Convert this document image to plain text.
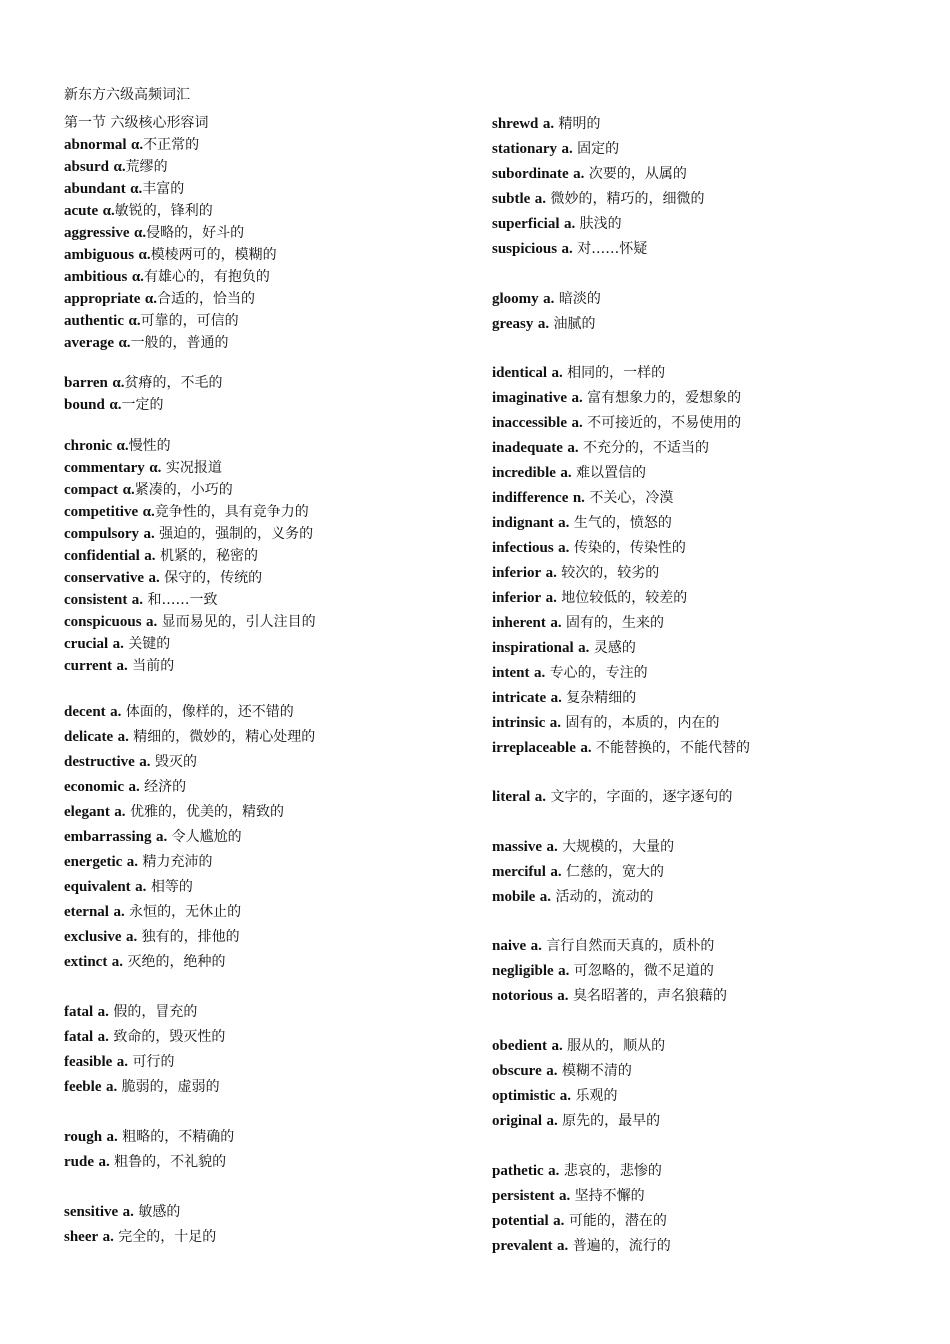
新东方六级高频词汇
第一节 六级核心形容词
abnormal α.不正常的
absurd α.荒缪的
abundant α.丰富的
acute α.敏锐的，锋利的
aggressive α.侵略的，好斗的
ambiguous α.模棱两可的，模糊的
ambitious α.有雄心的，有抱负的
appropriate α.合适的，恰当的
authentic α.可靠的，可信的
average α.一般的，普通的
barren α.贫瘠的，不毛的
bound α.一定的
chronic α.慢性的
commentary α. 实况报道
compact α.紧凑的，小巧的
competitive α.竞争性的，具有竞争力的
compulsory a. 强迫的，强制的，义务的
confidential a. 机紧的，秘密的
conservative a. 保守的，传统的
consistent a. 和……一致
conspicuous a. 显而易见的，引人注目的
crucial a. 关键的
current a. 当前的
decent a. 体面的，像样的，还不错的
delicate a. 精细的，微妙的，精心处理的
destructive a. 毁灭的
economic a. 经济的
elegant a. 优雅的，优美的，精致的
embarrassing a. 令人尴尬的
energetic a. 精力充沛的
equivalent a. 相等的
eternal a. 永恒的，无休止的
exclusive a. 独有的，排他的
extinct a. 灭绝的，绝种的
fatal a. 假的，冒充的
fatal a. 致命的，毁灭性的
feasible a. 可行的
feeble a. 脆弱的，虚弱的
rough a. 粗略的，不精确的
rude a. 粗鲁的，不礼貌的
sensitive a. 敏感的
sheer a. 完全的，十足的
shrewd a. 精明的
stationary a. 固定的
subordinate a. 次要的，从属的
subtle a. 微妙的，精巧的，细微的
superficial a. 肤浅的
suspicious a. 对……怀疑
gloomy a. 暗淡的
greasy a. 油腻的
identical a. 相同的，一样的
imaginative a. 富有想象力的，爱想象的
inaccessible a. 不可接近的，不易使用的
inadequate a. 不充分的，不适当的
incredible a. 难以置信的
indifference n. 不关心，冷漠
indignant a. 生气的，愤怒的
infectious a. 传染的，传染性的
inferior a. 较次的，较劣的
inferior a. 地位较低的，较差的
inherent a. 固有的，生来的
inspirational a. 灵感的
intent a. 专心的，专注的
intricate a. 复杂精细的
intrinsic a. 固有的，本质的，内在的
irreplaceable a. 不能替换的，不能代替的
literal a. 文字的，字面的，逐字逐句的
massive a. 大规模的，大量的
merciful a. 仁慈的，宽大的
mobile a. 活动的，流动的
naive a. 言行自然而天真的，质朴的
negligible a. 可忽略的，微不足道的
notorious a. 臭名昭著的，声名狼藉的
obedient a. 服从的，顺从的
obscure a. 模糊不清的
optimistic a. 乐观的
original a. 原先的，最早的
pathetic a. 悲哀的，悲惨的
persistent a. 坚持不懈的
potential a. 可能的，潜在的
prevalent a. 普遍的，流行的
